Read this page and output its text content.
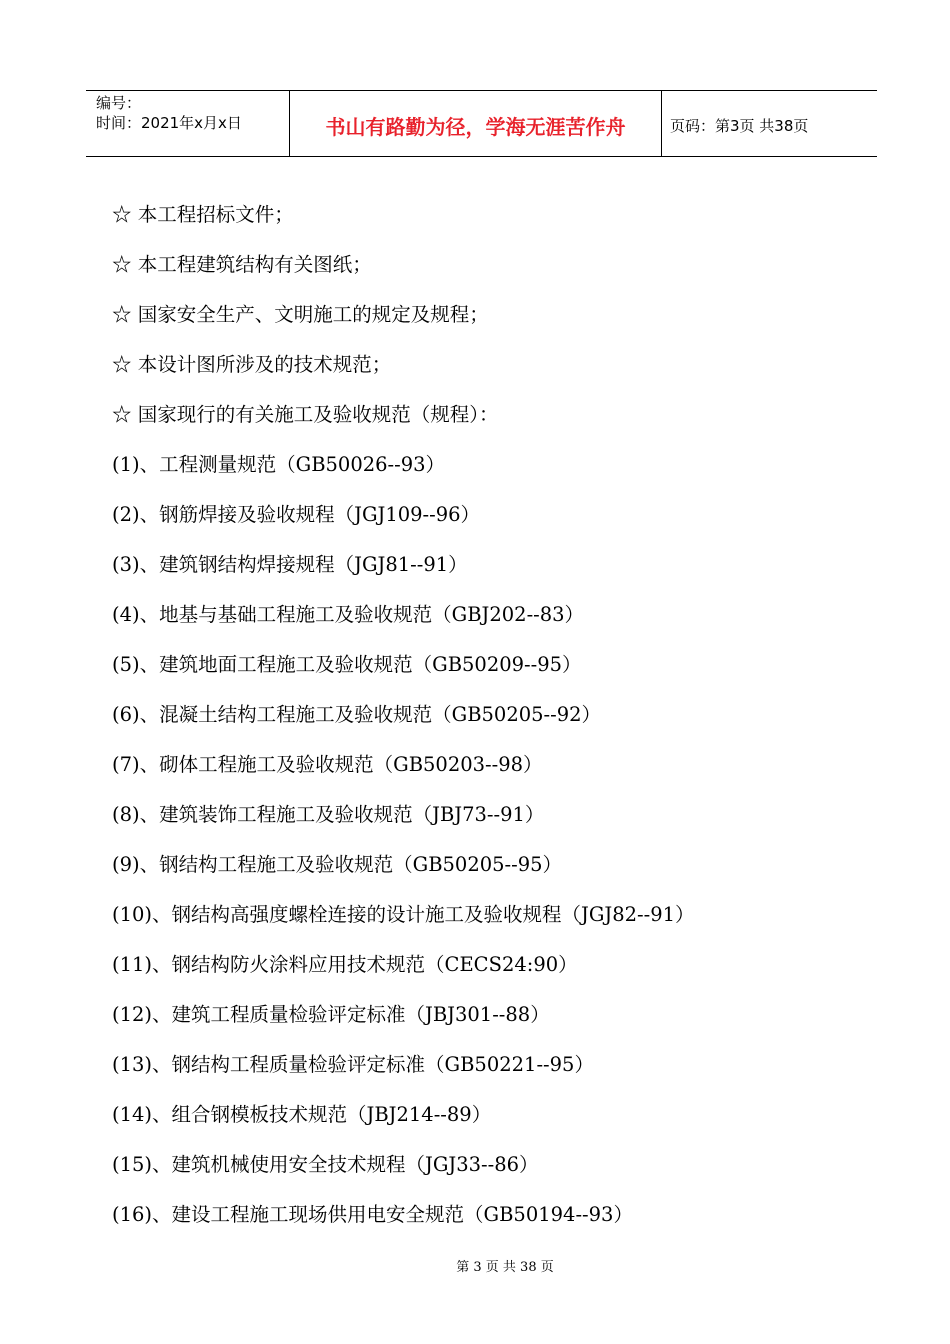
编号：
时间：2021年x月x日	书山有路勤为径，学海无涯苦作舟	页码：第3页 共38页
☆ 本工程招标文件；
☆ 本工程建筑结构有关图纸；
☆ 国家安全生产、文明施工的规定及规程；
☆ 本设计图所涉及的技术规范；
☆ 国家现行的有关施工及验收规范（规程）：
(1)、工程测量规范（GB50026--93）
(2)、钢筋焊接及验收规程（JGJ109--96）
(3)、建筑钢结构焊接规程（JGJ81--91）
(4)、地基与基础工程施工及验收规范（GBJ202--83）
(5)、建筑地面工程施工及验收规范（GB50209--95）
(6)、混凝土结构工程施工及验收规范（GB50205--92）
(7)、砌体工程施工及验收规范（GB50203--98）
(8)、建筑装饰工程施工及验收规范（JBJ73--91）
(9)、钢结构工程施工及验收规范（GB50205--95）
(10)、钢结构高强度螺栓连接的设计施工及验收规程（JGJ82--91）
(11)、钢结构防火涂料应用技术规范（CECS24:90）
(12)、建筑工程质量检验评定标准（JBJ301--88）
(13)、钢结构工程质量检验评定标准（GB50221--95）
(14)、组合钢模板技术规范（JBJ214--89）
(15)、建筑机械使用安全技术规程（JGJ33--86）
(16)、建设工程施工现场供用电安全规范（GB50194--93）
第 3 页 共 38 页
